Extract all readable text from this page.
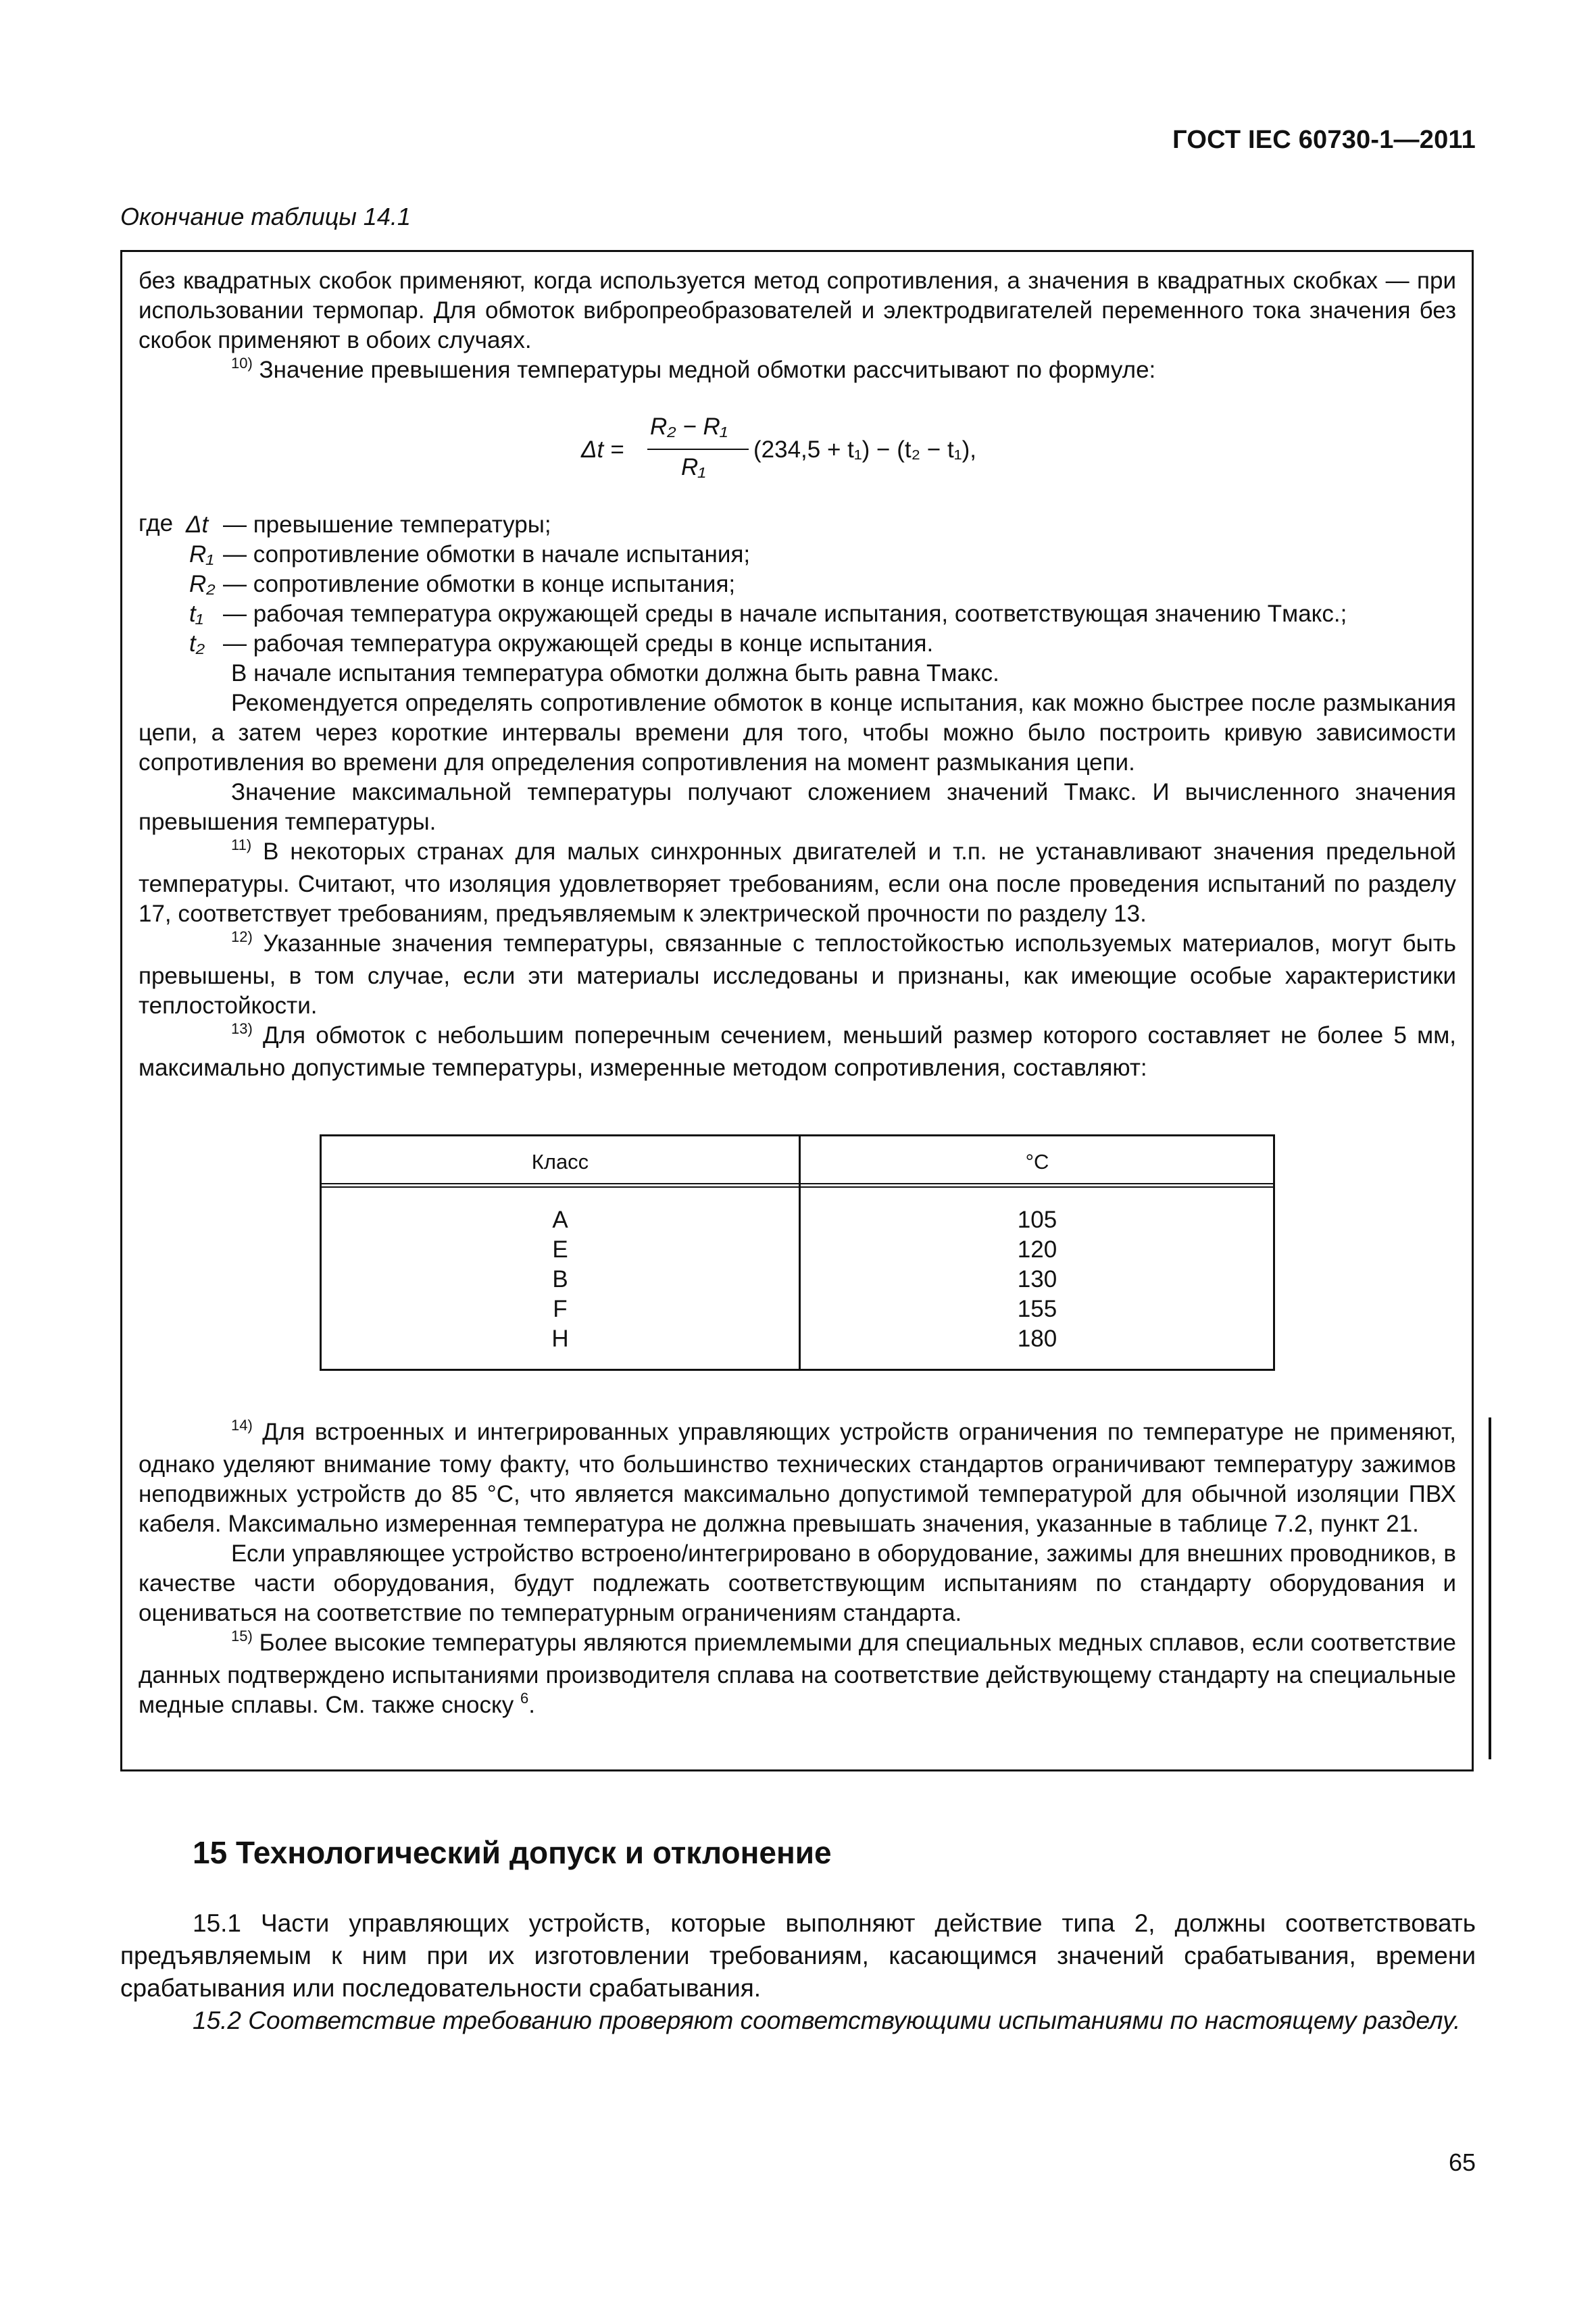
ГОСТ IEC 60730-1—2011
Окончание таблицы 14.1

без квадратных скобок применяют, когда используется метод сопротивления, а значения в квадратных скобках — при использовании термопар. Для обмоток вибропреобразователей и электродвигателей переменного тока значения без скобок применяют в обоих случаях.

$^{10)}$ Значение превышения температуры медной обмотки рассчитывают по формуле:

Δt =
R₂ − R₁
R₁
(234,5 + t₁) − (t₂ − t₁),
где Δt — превышение температуры;
R₁ — сопротивление обмотки в начале испытания;
R₂ — сопротивление обмотки в конце испытания;
t₁ — рабочая температура окружающей среды в начале испытания, соответствующая значению Tмакс.;
t₂ — рабочая температура окружающей среды в конце испытания.

В начале испытания температура обмотки должна быть равна Tмакс.

Рекомендуется определять сопротивление обмоток в конце испытания, как можно быстрее после размыкания цепи, а затем через короткие интервалы времени для того, чтобы можно было построить кривую зависимости сопротивления во времени для определения сопротивления на момент размыкания цепи.

Значение максимальной температуры получают сложением значений Tмакс. И вычисленного значения превышения температуры.

$^{11)}$ В некоторых странах для малых синхронных двигателей и т.п. не устанавливают значения предельной температуры. Считают, что изоляция удовлетворяет требованиям, если она после проведения испытаний по разделу 17, соответствует требованиям, предъявляемым к электрической прочности по разделу 13.

$^{12)}$ Указанные значения температуры, связанные с теплостойкостью используемых материалов, могут быть превышены, в том случае, если эти материалы исследованы и признаны, как имеющие особые характеристики теплостойкости.

$^{13)}$ Для обмоток с небольшим поперечным сечением, меньший размер которого составляет не более 5 мм, максимально допустимые температуры, измеренные методом сопротивления, составляют:

Класс	°С
A
E
B
F
H
105
120
130
155
180

$^{14)}$ Для встроенных и интегрированных управляющих устройств ограничения по температуре не применяют, однако уделяют внимание тому факту, что большинство технических стандартов ограничивают температуру зажимов неподвижных устройств до 85 °С, что является максимально допустимой температурой для обычной изоляции ПВХ кабеля. Максимально измеренная температура не должна превышать значения, указанные в таблице 7.2, пункт 21.

Если управляющее устройство встроено/интегрировано в оборудование, зажимы для внешних проводников, в качестве части оборудования, будут подлежать соответствующим испытаниям по стандарту оборудования и оцениваться на соответствие по температурным ограничениям стандарта.

$^{15)}$ Более высокие температуры являются приемлемыми для специальных медных сплавов, если соответствие данных подтверждено испытаниями производителя сплава на соответствие действующему стандарту на специальные медные сплавы. См. также сноску $^6$.

15 Технологический допуск и отклонение

15.1 Части управляющих устройств, которые выполняют действие типа 2, должны соответствовать предъявляемым к ним при их изготовлении требованиям, касающимся значений срабатывания, времени срабатывания или последовательности срабатывания.

15.2 Соответствие требованию проверяют соответствующими испытаниями по настоящему разделу.

65
